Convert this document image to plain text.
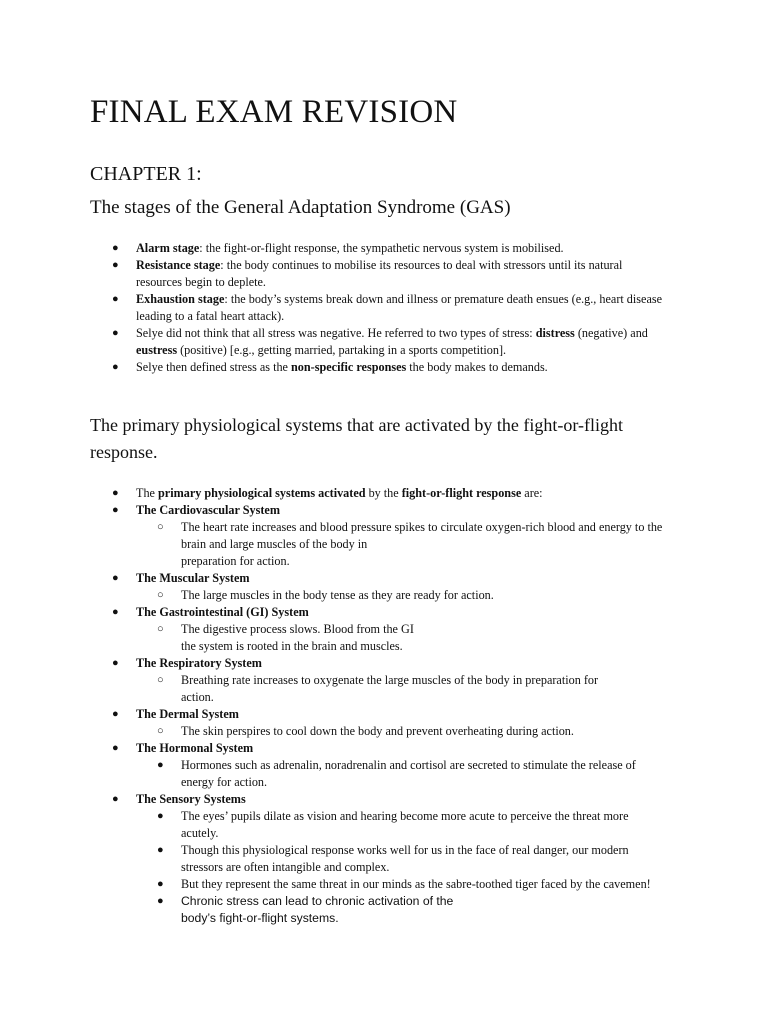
FINAL EXAM REVISION
CHAPTER 1:
The stages of the General Adaptation Syndrome (GAS)
● Alarm stage: the fight-or-flight response, the sympathetic nervous system is mobilised.
● Resistance stage: the body continues to mobilise its resources to deal with stressors until its natural
resources begin to deplete.
● Exhaustion stage: the body’s systems break down and illness or premature death ensues (e.g., heart disease
leading to a fatal heart attack).
● Selye did not think that all stress was negative. He referred to two types of stress: distress (negative) and
eustress (positive) [e.g., getting married, partaking in a sports competition].
● Selye then defined stress as the non-specific responses the body makes to demands.
The primary physiological systems that are activated by the fight-or-flight
response.
● The primary physiological systems activated by the fight-or-flight response are:
● The Cardiovascular System
○ The heart rate increases and blood pressure spikes to circulate oxygen-rich blood and energy to the
brain and large muscles of the body in
preparation for action.
● The Muscular System
○ The large muscles in the body tense as they are ready for action.
● The Gastrointestinal (GI) System
○ The digestive process slows. Blood from the GI
the system is rooted in the brain and muscles.
● The Respiratory System
○ Breathing rate increases to oxygenate the large muscles of the body in preparation for
action.
● The Dermal System
○ The skin perspires to cool down the body and prevent overheating during action.
● The Hormonal System
● Hormones such as adrenalin, noradrenalin and cortisol are secreted to stimulate the release of
energy for action.
● The Sensory Systems
● The eyes’ pupils dilate as vision and hearing become more acute to perceive the threat more
acutely.
● Though this physiological response works well for us in the face of real danger, our modern
stressors are often intangible and complex.
● But they represent the same threat in our minds as the sabre-toothed tiger faced by the cavemen!
● Chronic stress can lead to chronic activation of the
body’s fight-or-flight systems.
